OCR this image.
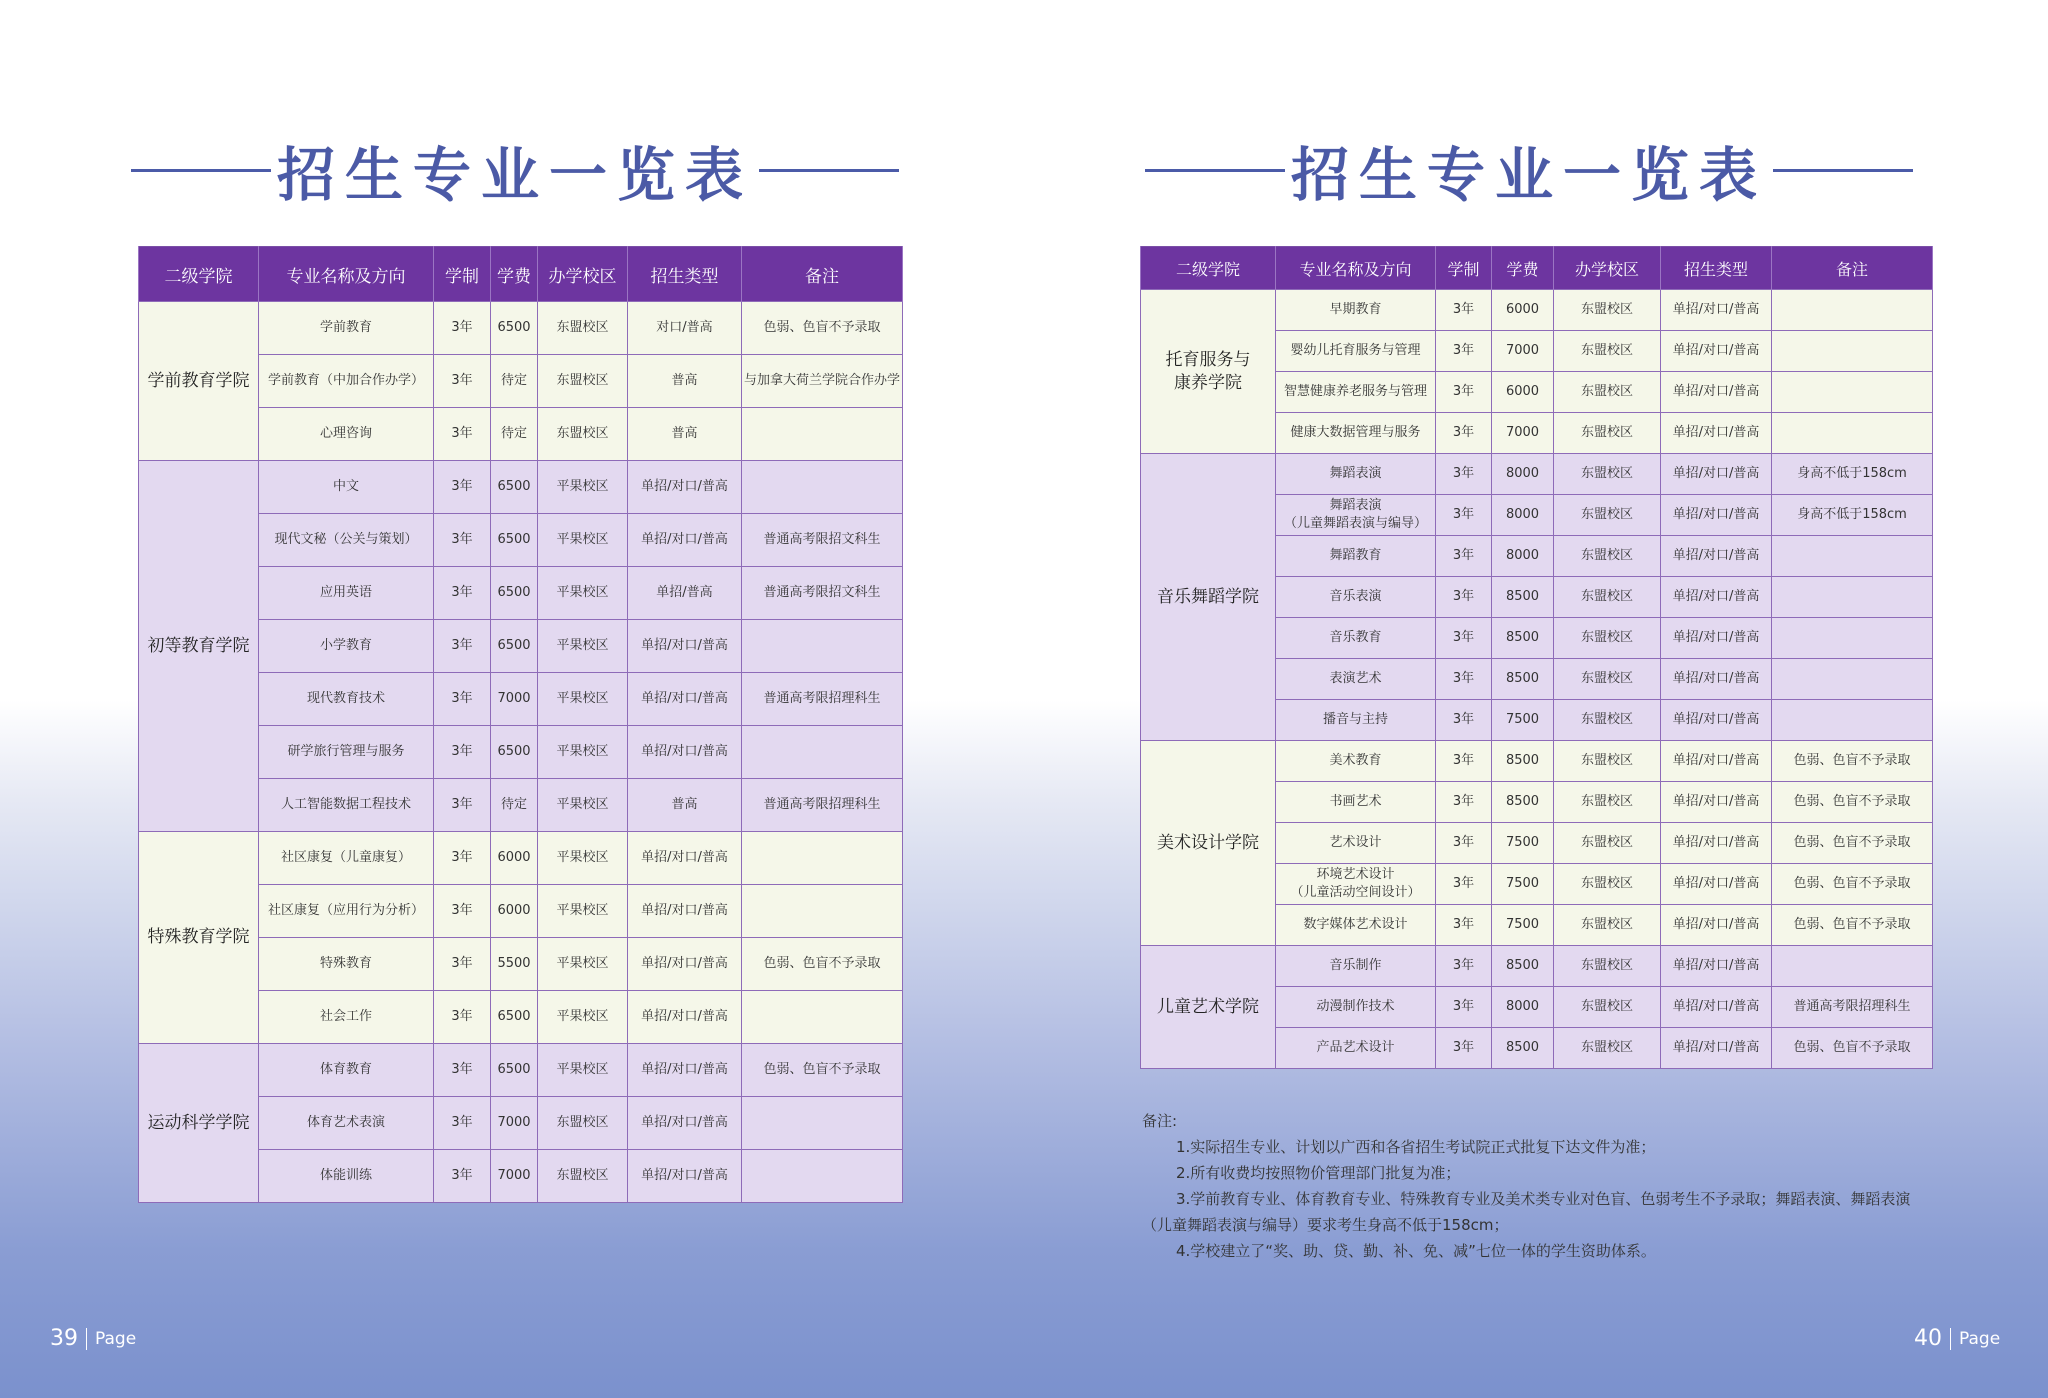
招生专业一览表	招生专业一览表
二级学院	专业名称及方向	学制	学费	办学校区	招生类型	备注
学前教育学院	学前教育	3年	6500	东盟校区	对口/普高	色弱、色盲不予录取
	学前教育（中加合作办学）	3年	待定	东盟校区	普高	与加拿大荷兰学院合作办学
	心理咨询	3年	待定	东盟校区	普高	
初等教育学院	中文	3年	6500	平果校区	单招/对口/普高	
	现代文秘（公关与策划）	3年	6500	平果校区	单招/对口/普高	普通高考限招文科生
	应用英语	3年	6500	平果校区	单招/普高	普通高考限招文科生
	小学教育	3年	6500	平果校区	单招/对口/普高	
	现代教育技术	3年	7000	平果校区	单招/对口/普高	普通高考限招理科生
	研学旅行管理与服务	3年	6500	平果校区	单招/对口/普高	
	人工智能数据工程技术	3年	待定	平果校区	普高	普通高考限招理科生
特殊教育学院	社区康复（儿童康复）	3年	6000	平果校区	单招/对口/普高	
	社区康复（应用行为分析）	3年	6000	平果校区	单招/对口/普高	
	特殊教育	3年	5500	平果校区	单招/对口/普高	色弱、色盲不予录取
	社会工作	3年	6500	平果校区	单招/对口/普高	
运动科学学院	体育教育	3年	6500	平果校区	单招/对口/普高	色弱、色盲不予录取
	体育艺术表演	3年	7000	东盟校区	单招/对口/普高	
	体能训练	3年	7000	东盟校区	单招/对口/普高	
二级学院	专业名称及方向	学制	学费	办学校区	招生类型	备注
托育服务与
康养学院	早期教育	3年	6000	东盟校区	单招/对口/普高	
	婴幼儿托育服务与管理	3年	7000	东盟校区	单招/对口/普高	
	智慧健康养老服务与管理	3年	6000	东盟校区	单招/对口/普高	
	健康大数据管理与服务	3年	7000	东盟校区	单招/对口/普高	
音乐舞蹈学院	舞蹈表演	3年	8000	东盟校区	单招/对口/普高	身高不低于158cm
	舞蹈表演
（儿童舞蹈表演与编导）	3年	8000	东盟校区	单招/对口/普高	身高不低于158cm
	舞蹈教育	3年	8000	东盟校区	单招/对口/普高	
	音乐表演	3年	8500	东盟校区	单招/对口/普高	
	音乐教育	3年	8500	东盟校区	单招/对口/普高	
	表演艺术	3年	8500	东盟校区	单招/对口/普高	
	播音与主持	3年	7500	东盟校区	单招/对口/普高	
美术设计学院	美术教育	3年	8500	东盟校区	单招/对口/普高	色弱、色盲不予录取
	书画艺术	3年	8500	东盟校区	单招/对口/普高	色弱、色盲不予录取
	艺术设计	3年	7500	东盟校区	单招/对口/普高	色弱、色盲不予录取
	环境艺术设计
（儿童活动空间设计）	3年	7500	东盟校区	单招/对口/普高	色弱、色盲不予录取
	数字媒体艺术设计	3年	7500	东盟校区	单招/对口/普高	色弱、色盲不予录取
儿童艺术学院	音乐制作	3年	8500	东盟校区	单招/对口/普高	
	动漫制作技术	3年	8000	东盟校区	单招/对口/普高	普通高考限招理科生
	产品艺术设计	3年	8500	东盟校区	单招/对口/普高	色弱、色盲不予录取

备注:

1.实际招生专业、计划以广西和各省招生考试院正式批复下达文件为准；

2.所有收费均按照物价管理部门批复为准；

3.学前教育专业、体育教育专业、特殊教育专业及美术类专业对色盲、色弱考生不予录取；舞蹈表演、舞蹈表演（儿童舞蹈表演与编导）要求考生身高不低于158cm；

4.学校建立了“奖、助、贷、勤、补、免、减”七位一体的学生资助体系。

39 Page	40 Page
